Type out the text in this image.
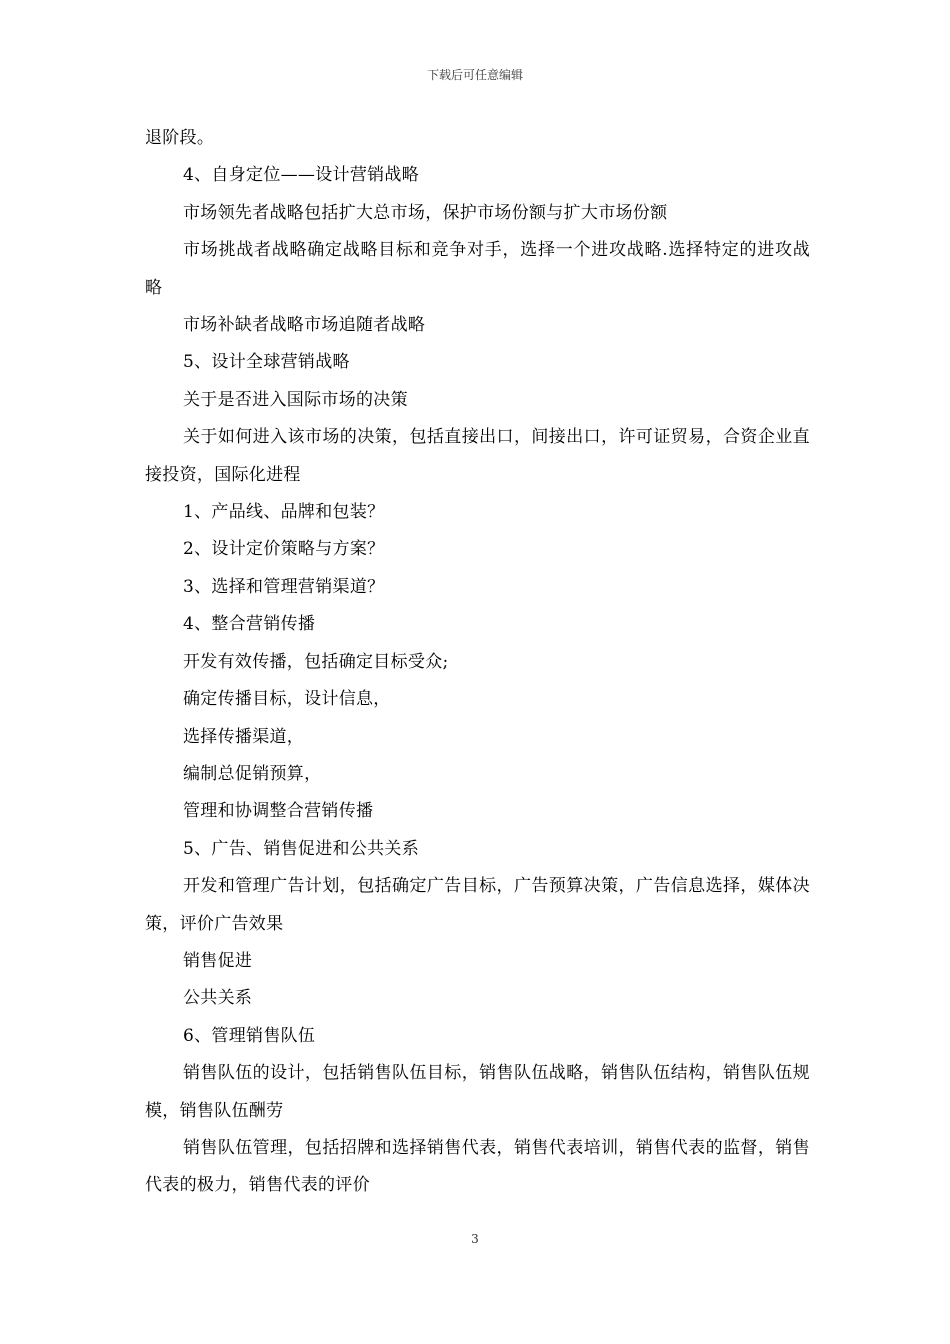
下载后可任意编辑

退阶段。

4、自身定位——设计营销战略

市场领先者战略包括扩大总市场，保护市场份额与扩大市场份额

市场挑战者战略确定战略目标和竞争对手，选择一个进攻战略.选择特定的进攻战略

市场补缺者战略市场追随者战略

5、设计全球营销战略

关于是否进入国际市场的决策

关于如何进入该市场的决策，包括直接出口，间接出口，许可证贸易，合资企业直接投资，国际化进程

1、产品线、品牌和包装？

2、设计定价策略与方案？

3、选择和管理营销渠道？

4、整合营销传播

开发有效传播，包括确定目标受众;

确定传播目标，设计信息，

选择传播渠道，

编制总促销预算，

管理和协调整合营销传播

5、广告、销售促进和公共关系

开发和管理广告计划，包括确定广告目标，广告预算决策，广告信息选择，媒体决策，评价广告效果

销售促进

公共关系

6、管理销售队伍

销售队伍的设计，包括销售队伍目标，销售队伍战略，销售队伍结构，销售队伍规模，销售队伍酬劳

销售队伍管理，包括招牌和选择销售代表，销售代表培训，销售代表的监督，销售代表的极力，销售代表的评价

3
